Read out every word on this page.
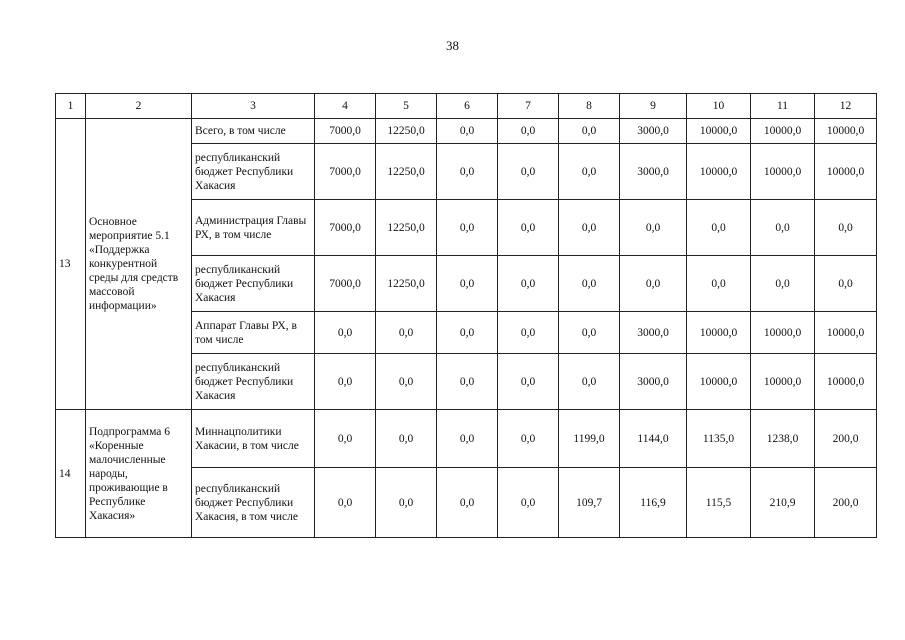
38
1	2	3	4	5	6	7	8	9	10	11	12
13	Основное мероприятие 5.1 «Поддержка конкурентной среды для средств массовой информации»	Всего, в том числе	7000,0	12250,0	0,0	0,0	0,0	3000,0	10000,0	10000,0	10000,0
		республиканский бюджет Республики Хакасия	7000,0	12250,0	0,0	0,0	0,0	3000,0	10000,0	10000,0	10000,0
		Администрация Главы РХ, в том числе	7000,0	12250,0	0,0	0,0	0,0	0,0	0,0	0,0	0,0
		республиканский бюджет Республики Хакасия	7000,0	12250,0	0,0	0,0	0,0	0,0	0,0	0,0	0,0
		Аппарат Главы РХ, в том числе	0,0	0,0	0,0	0,0	0,0	3000,0	10000,0	10000,0	10000,0
		республиканский бюджет Республики Хакасия	0,0	0,0	0,0	0,0	0,0	3000,0	10000,0	10000,0	10000,0
14	Подпрограмма 6 «Коренные малочисленные народы, проживающие в Республике Хакасия»	Миннацполитики Хакасии, в том числе	0,0	0,0	0,0	0,0	1199,0	1144,0	1135,0	1238,0	200,0
		республиканский бюджет Республики Хакасия, в том числе	0,0	0,0	0,0	0,0	109,7	116,9	115,5	210,9	200,0
